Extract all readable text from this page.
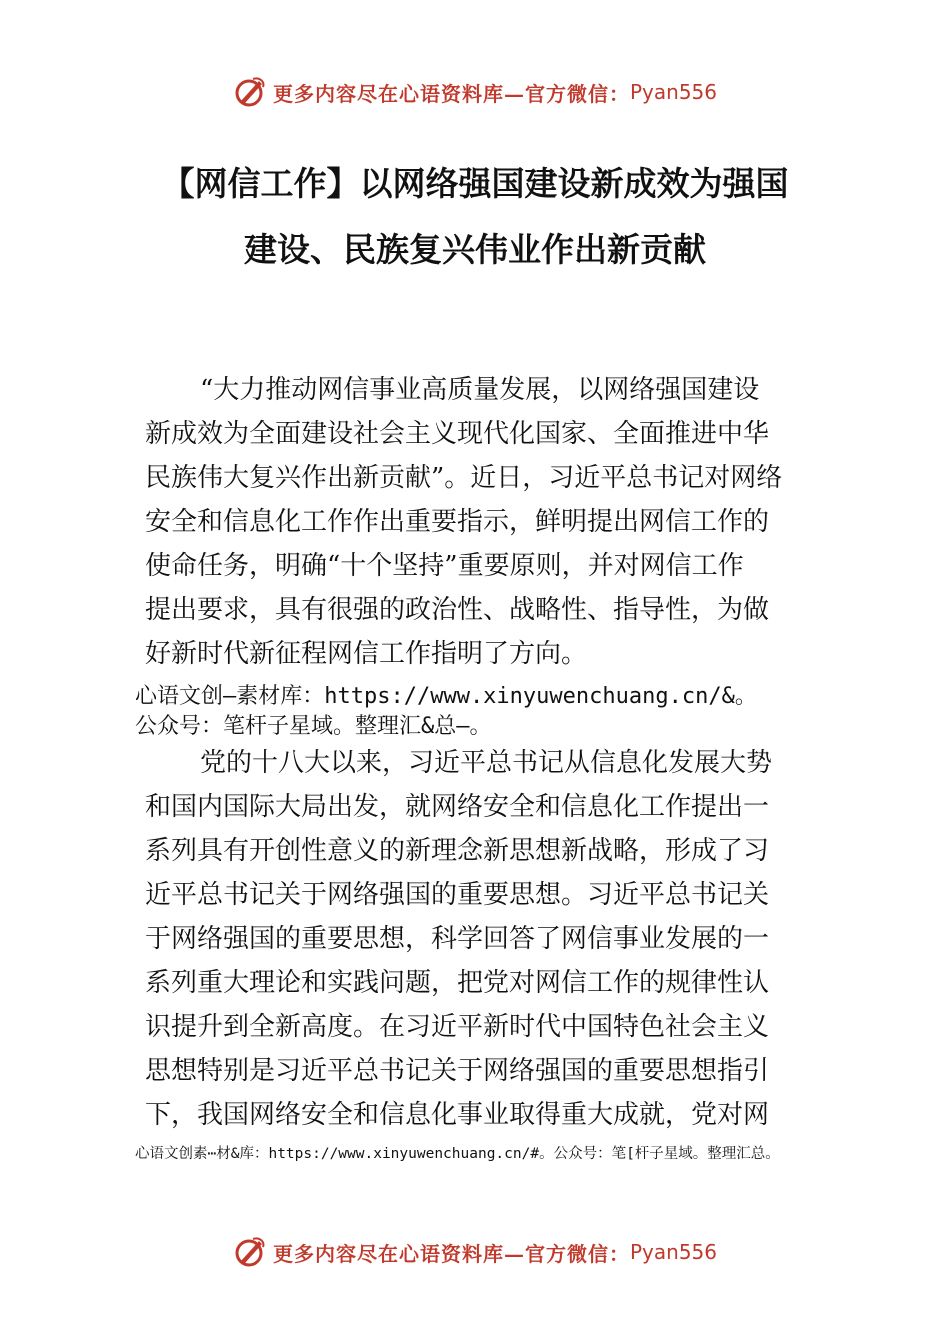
更多内容尽在心语资料库—官方微信： Pyan556
【网信工作】以网络强国建设新成效为强国
建设、民族复兴伟业作出新贡献
“大力推动网信事业高质量发展，以网络强国建设
新成效为全面建设社会主义现代化国家、全面推进中华
民族伟大复兴作出新贡献”。近日，习近平总书记对网络
安全和信息化工作作出重要指示，鲜明提出网信工作的
使命任务，明确“十个坚持”重要原则，并对网信工作
提出要求，具有很强的政治性、战略性、指导性，为做
好新时代新征程网信工作指明了方向。
心语文创—素材库：https://www.xinyuwenchuang.cn/&。
公众号：笔杆子星域。整理汇&总—。
党的十八大以来，习近平总书记从信息化发展大势
和国内国际大局出发，就网络安全和信息化工作提出一
系列具有开创性意义的新理念新思想新战略，形成了习
近平总书记关于网络强国的重要思想。习近平总书记关
于网络强国的重要思想，科学回答了网信事业发展的一
系列重大理论和实践问题，把党对网信工作的规律性认
识提升到全新高度。在习近平新时代中国特色社会主义
思想特别是习近平总书记关于网络强国的重要思想指引
下，我国网络安全和信息化事业取得重大成就，党对网
心语文创素⋯材&库：https://www.xinyuwenchuang.cn/#。公众号：笔[杆子星域。整理汇总。
更多内容尽在心语资料库—官方微信： Pyan556
